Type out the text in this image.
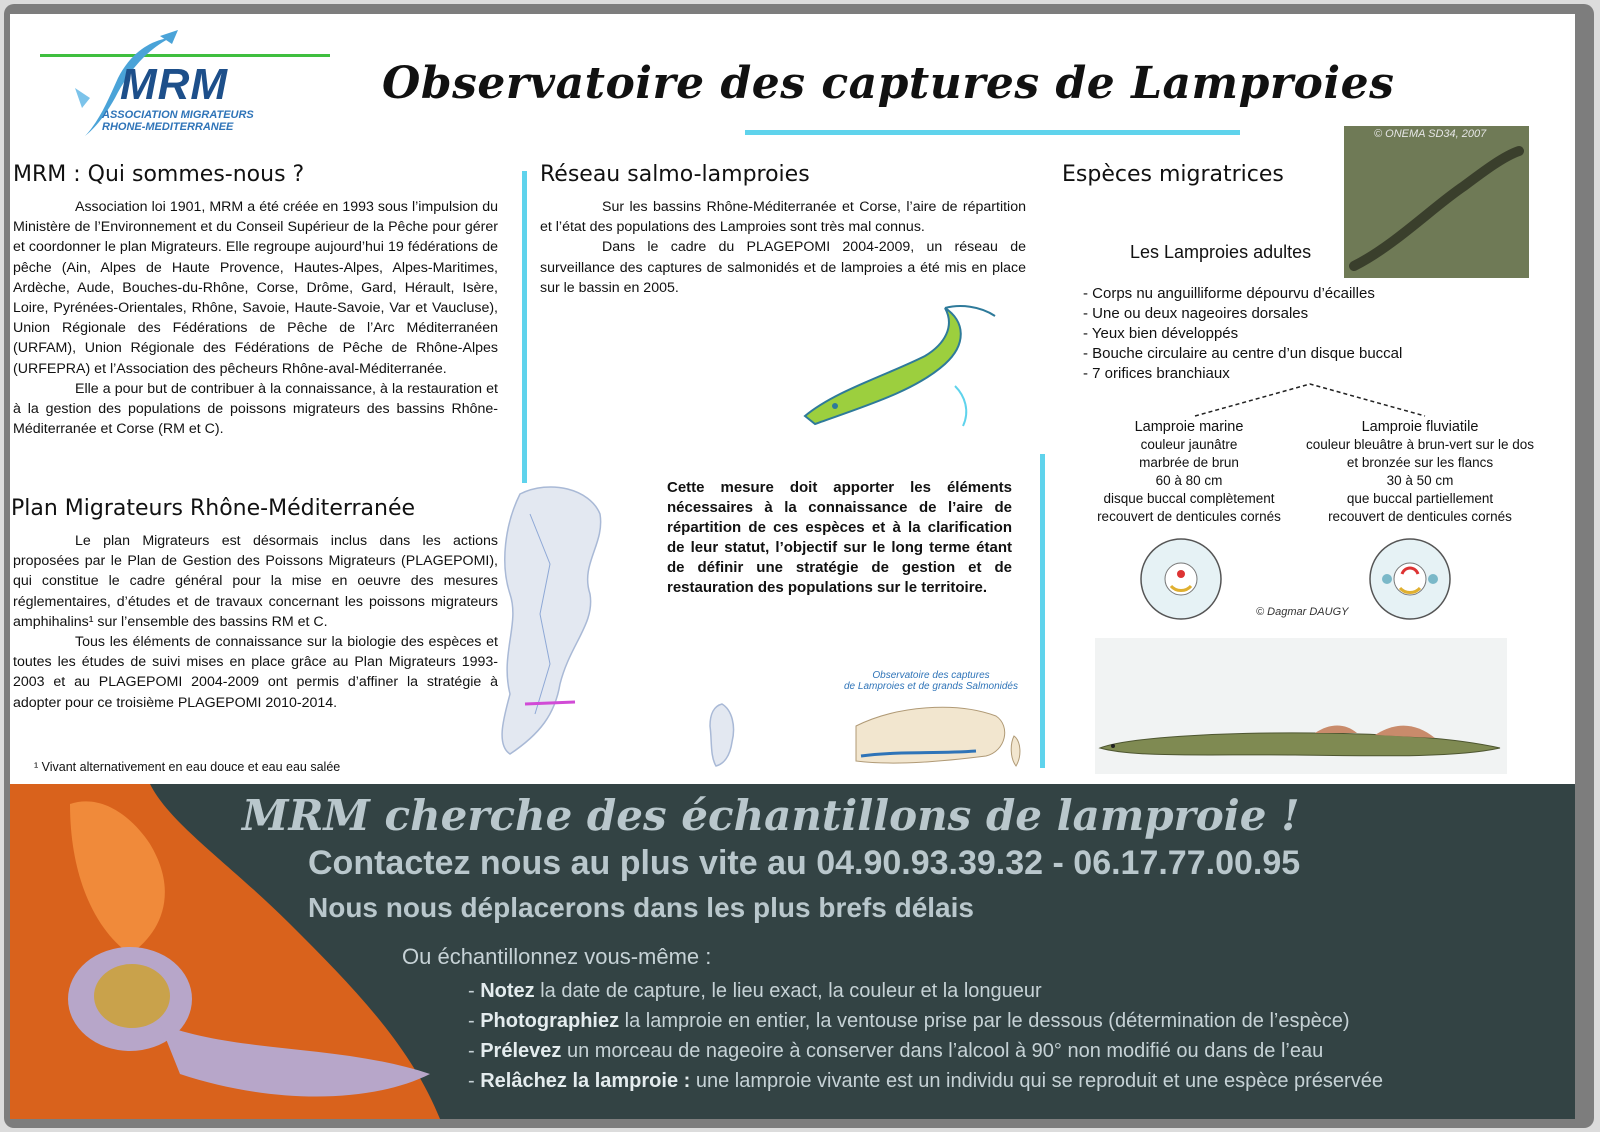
MRM
ASSOCIATION MIGRATEURS
RHONE-MEDITERRANEE
Observatoire des captures de Lamproies
MRM : Qui sommes-nous ?

Association loi 1901, MRM a été créée en 1993 sous l’impulsion du Ministère de l’Environnement et du Conseil Supérieur de la Pêche pour gérer et coordonner le plan Migrateurs. Elle regroupe aujourd’hui 19 fédérations de pêche (Ain, Alpes de Haute Provence, Hautes-Alpes, Alpes-Maritimes, Ardèche, Aude, Bouches-du-Rhône, Corse, Drôme, Gard, Hérault, Isère, Loire, Pyrénées-Orientales, Rhône, Savoie, Haute-Savoie, Var et Vaucluse), Union Régionale des Fédérations de Pêche de l’Arc Méditerranéen (URFAM), Union Régionale des Fédérations de Pêche de Rhône-Alpes (URFEPRA) et l’Association des pêcheurs Rhône-aval-Méditerranée.

Elle a pour but de contribuer à la connaissance, à la restauration et à la gestion des populations de poissons migrateurs des bassins Rhône-Méditerranée et Corse (RM et C).

Plan Migrateurs Rhône-Méditerranée

Le plan Migrateurs est désormais inclus dans les actions proposées par le Plan de Gestion des Poissons Migrateurs (PLAGEPOMI), qui constitue le cadre général pour la mise en oeuvre des mesures réglementaires, d’études et de travaux concernant les poissons migrateurs amphihalins¹ sur l’ensemble des bassins RM et C.

Tous les éléments de connaissance sur la biologie des espèces et toutes les études de suivi mises en place grâce au Plan Migrateurs 1993-2003 et au PLAGEPOMI 2004-2009 ont permis d’affiner la stratégie à adopter pour ce troisième PLAGEPOMI 2010-2014.

¹ Vivant alternativement en eau douce et eau eau salée
Réseau salmo-lamproies

Sur les bassins Rhône-Méditerranée et Corse, l’aire de répartition et l’état des populations des Lamproies sont très mal connus.

Dans le cadre du PLAGEPOMI 2004-2009, un réseau de surveillance des captures de salmonidés et de lamproies a été mis en place sur le bassin en 2005.

Cette mesure doit apporter les éléments nécessaires à la connaissance de l’aire de répartition de ces espèces et à la clarification de leur statut, l’objectif sur le long terme étant de définir une stratégie de gestion et de restauration des populations sur le territoire.
Observatoire des captures
de Lamproies et de grands Salmonidés
Espèces migratrices
© ONEMA SD34, 2007
Les Lamproies adultes
- Corps nu anguilliforme dépourvu d’écailles
- Une ou deux nageoires dorsales
- Yeux bien développés
- Bouche circulaire au centre d’un disque buccal
- 7 orifices branchiaux
Lamproie marine
couleur jaunâtre
marbrée de brun
60 à 80 cm
disque buccal complètement
recouvert de denticules cornés
Lamproie fluviatile
couleur bleuâtre à brun-vert sur le dos
et bronzée sur les flancs
30 à 50 cm
que buccal partiellement
recouvert de denticules cornés
© Dagmar DAUGY
MRM cherche des échantillons de lamproie !
Contactez nous au plus vite au 04.90.93.39.32 - 06.17.77.00.95
Nous nous déplacerons dans les plus brefs délais
Ou échantillonnez vous-même :
- Notez la date de capture, le lieu exact, la couleur et la longueur
- Photographiez la lamproie en entier, la ventouse prise par le dessous (détermination de l’espèce)
- Prélevez un morceau de nageoire à conserver dans l’alcool à 90° non modifié ou dans de l’eau
- Relâchez la lamproie : une lamproie vivante est un individu qui se reproduit et une espèce préservée
